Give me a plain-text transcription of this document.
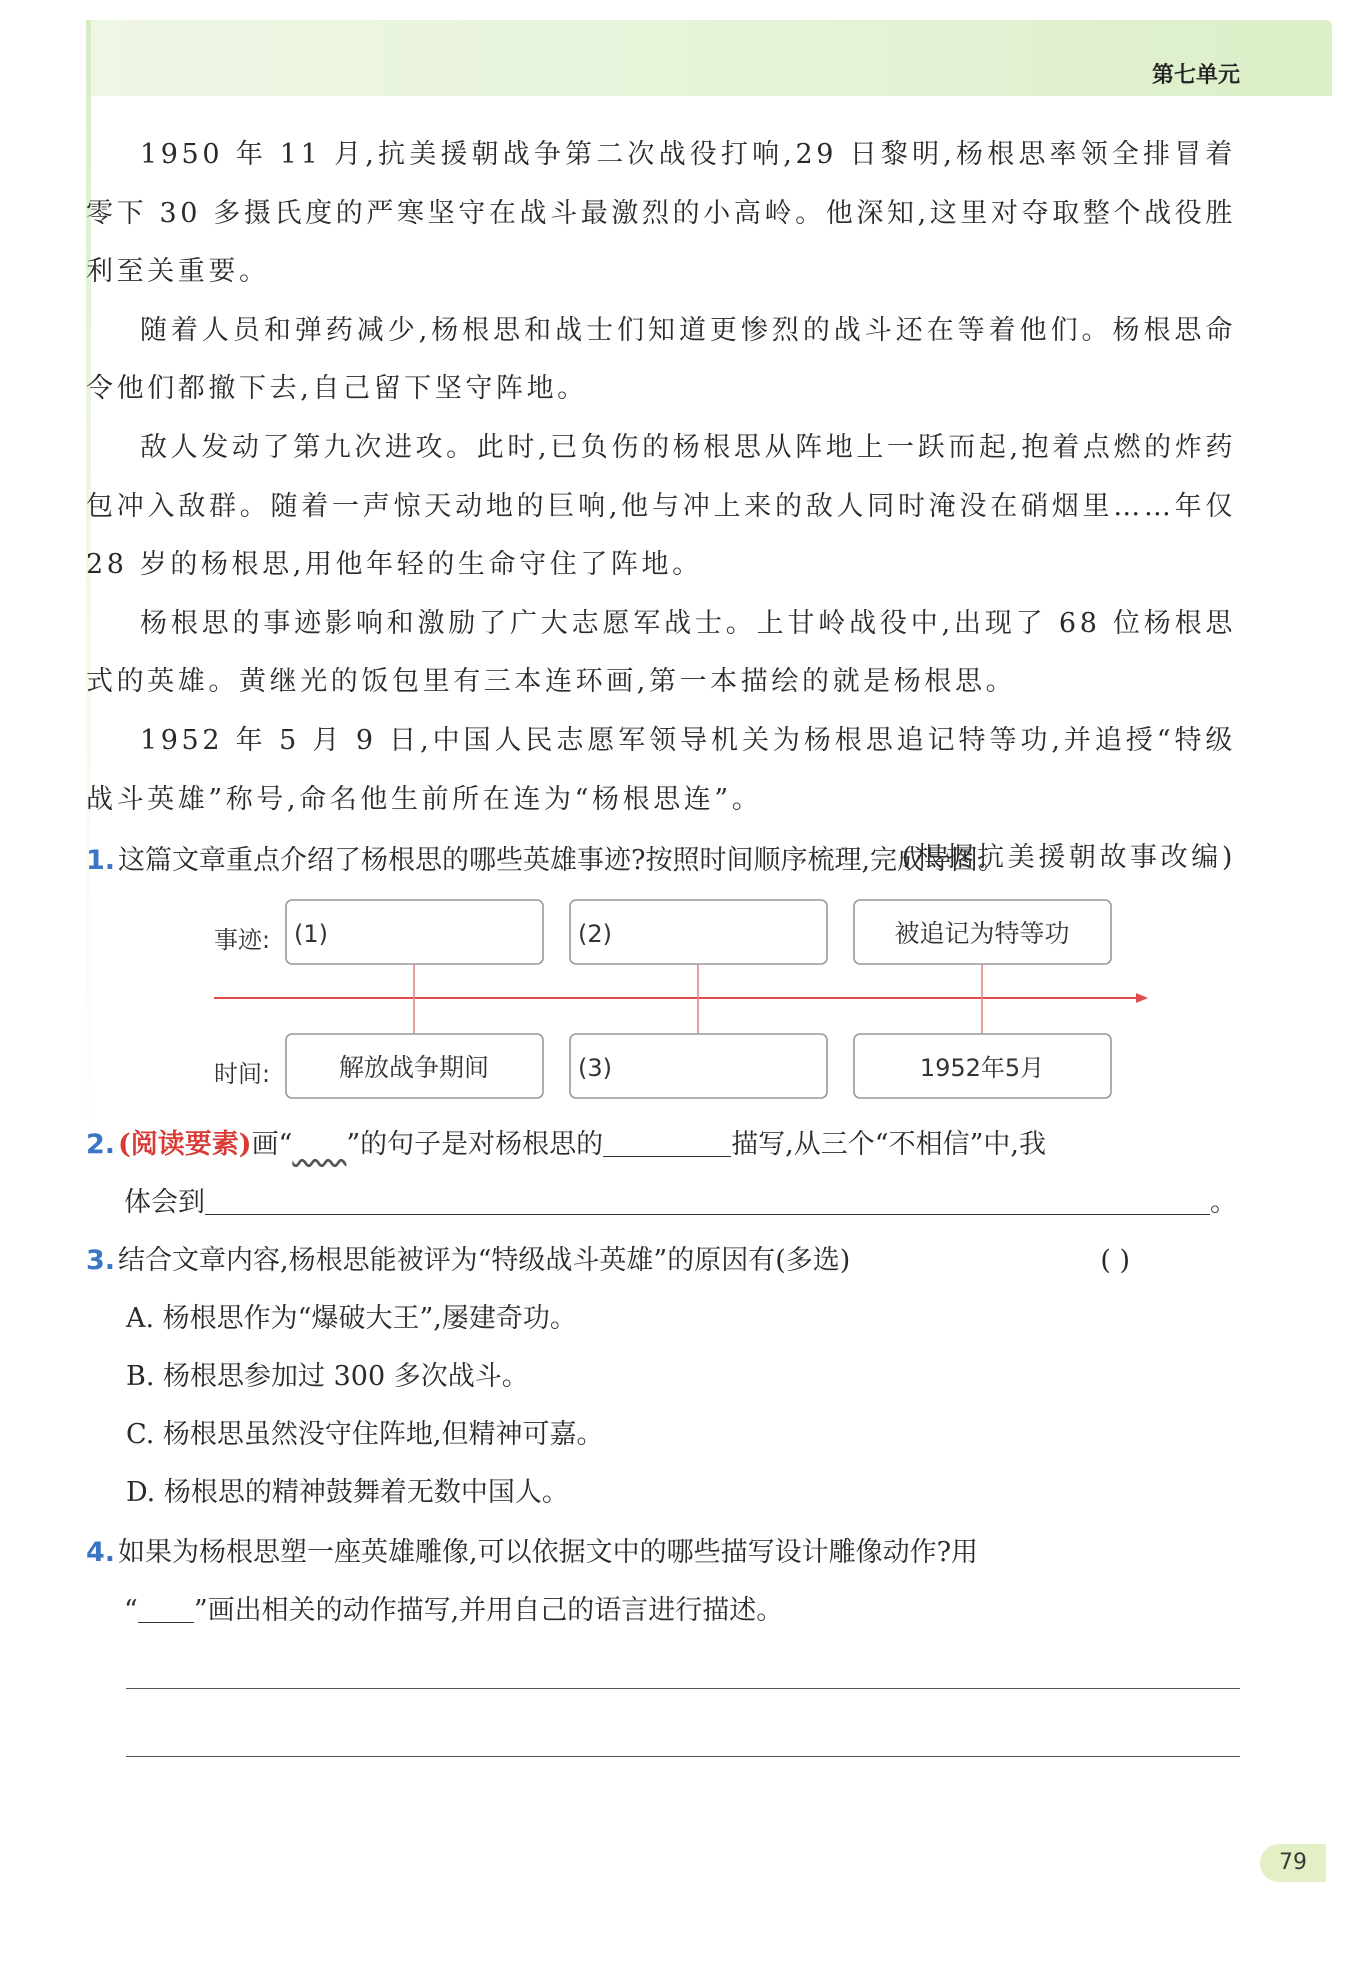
第七单元

1950 年 11 月,抗美援朝战争第二次战役打响,29 日黎明,杨根思率领全排冒着零下 30 多摄氏度的严寒坚守在战斗最激烈的小高岭。他深知,这里对夺取整个战役胜利至关重要。

随着人员和弹药减少,杨根思和战士们知道更惨烈的战斗还在等着他们。杨根思命令他们都撤下去,自己留下坚守阵地。

敌人发动了第九次进攻。此时,已负伤的杨根思从阵地上一跃而起,抱着点燃的炸药包冲入敌群。随着一声惊天动地的巨响,他与冲上来的敌人同时淹没在硝烟里……年仅 28 岁的杨根思,用他年轻的生命守住了阵地。

杨根思的事迹影响和激励了广大志愿军战士。上甘岭战役中,出现了 68 位杨根思式的英雄。黄继光的饭包里有三本连环画,第一本描绘的就是杨根思。

1952 年 5 月 9 日,中国人民志愿军领导机关为杨根思追记特等功,并追授“特级战斗英雄”称号,命名他生前所在连为“杨根思连”。

(根据抗美援朝故事改编)

1. 这篇文章重点介绍了杨根思的哪些英雄事迹?按照时间顺序梳理,完成导图。
事迹:
时间:
(1)	(2)	被追记为特等功
解放战争期间	(3)	1952年5月
2. (阅读要素)画“   ”的句子是对杨根思的	描写,从三个“不相信”中,我
体会到	。
3. 结合文章内容,杨根思能被评为“特级战斗英雄”的原因有(多选)	( )
A. 杨根思作为“爆破大王”,屡建奇功。
B. 杨根思参加过 300 多次战斗。
C. 杨根思虽然没守住阵地,但精神可嘉。
D. 杨根思的精神鼓舞着无数中国人。
4. 如果为杨根思塑一座英雄雕像,可以依据文中的哪些描写设计雕像动作?用
“ ”画出相关的动作描写,并用自己的语言进行描述。
79
